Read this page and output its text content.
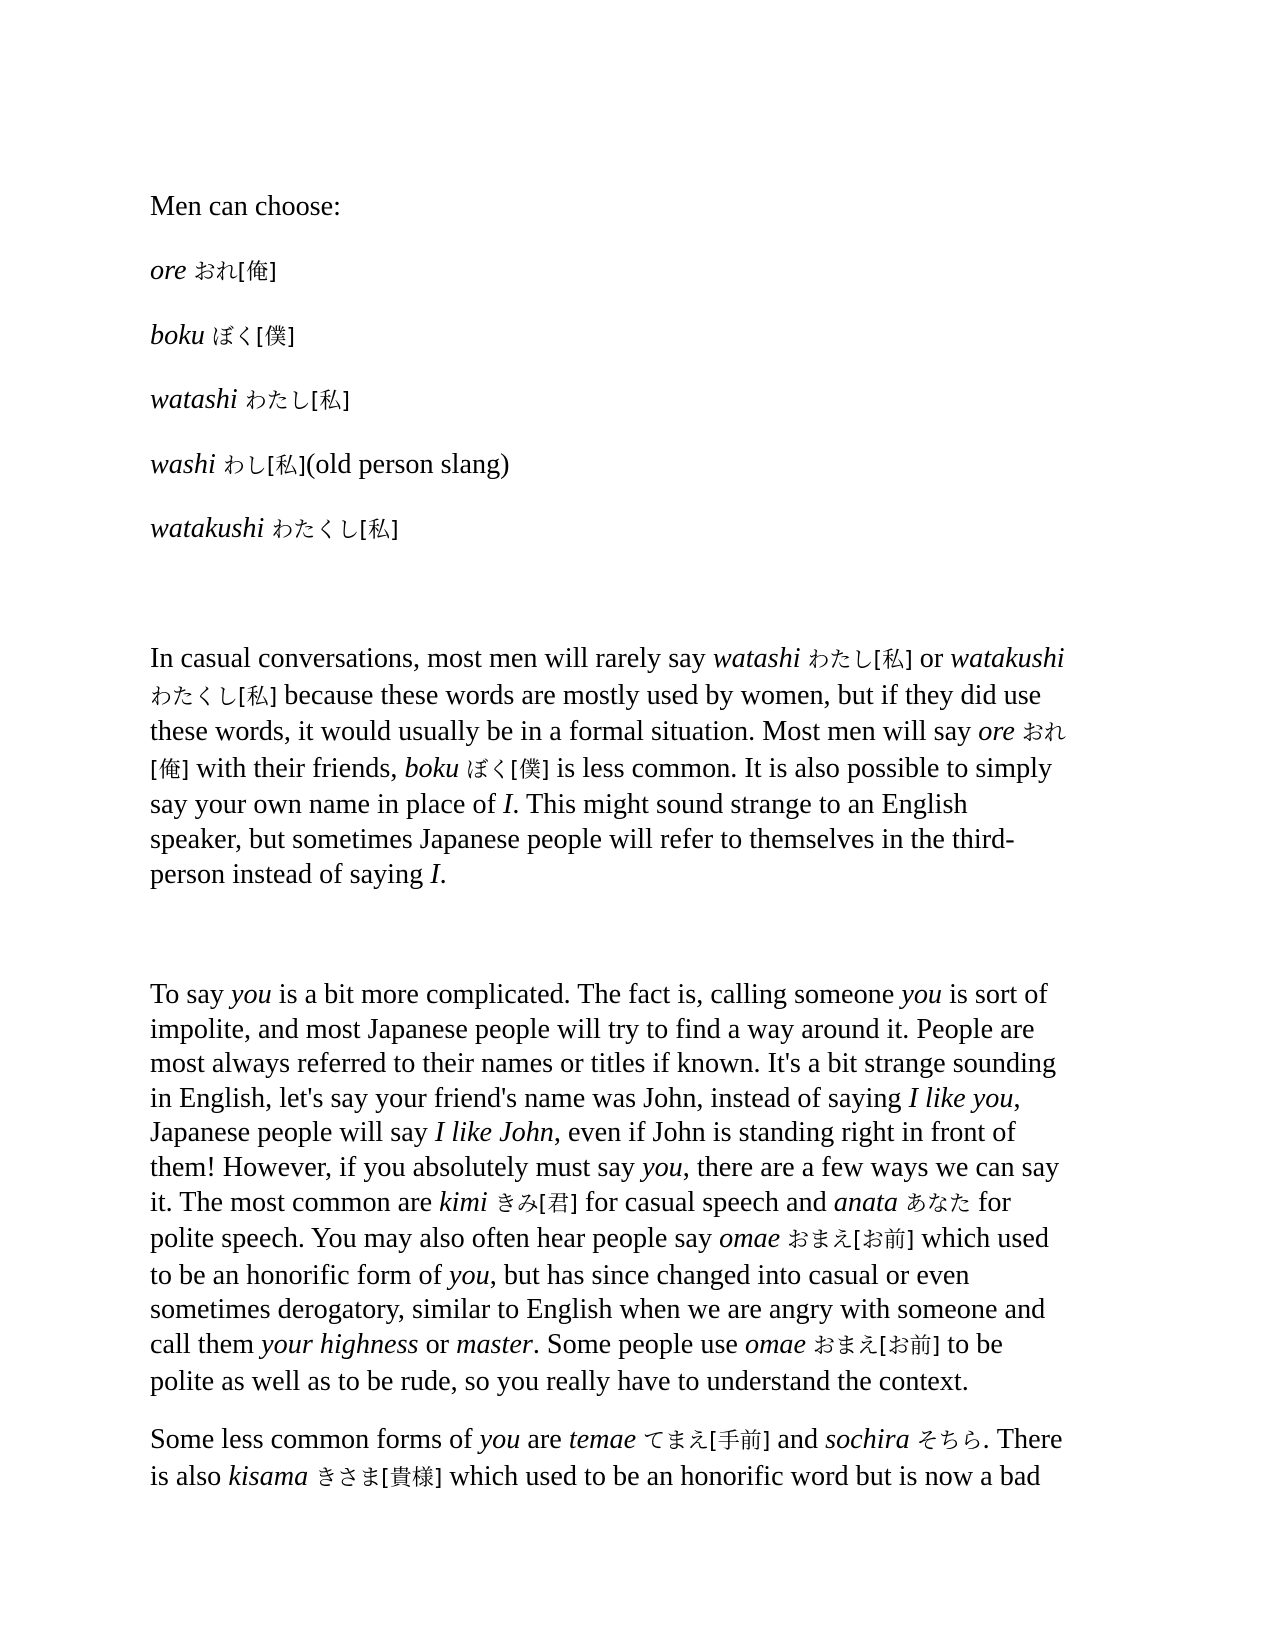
Men can choose:
ore おれ[俺]
boku ぼく[僕]
watashi わたし[私]
washi わし[私](old person slang)
watakushi わたくし[私]
In casual conversations, most men will rarely say watashi わたし[私] or watakushi
わたくし[私] because these words are mostly used by women, but if they did use
these words, it would usually be in a formal situation. Most men will say ore おれ
[俺] with their friends, boku ぼく[僕] is less common. It is also possible to simply
say your own name in place of I. This might sound strange to an English
speaker, but sometimes Japanese people will refer to themselves in the third-
person instead of saying I.
To say you is a bit more complicated. The fact is, calling someone you is sort of
impolite, and most Japanese people will try to find a way around it. People are
most always referred to their names or titles if known. It's a bit strange sounding
in English, let's say your friend's name was John, instead of saying I like you,
Japanese people will say I like John, even if John is standing right in front of
them! However, if you absolutely must say you, there are a few ways we can say
it. The most common are kimi きみ[君] for casual speech and anata あなた for
polite speech. You may also often hear people say omae おまえ[お前] which used
to be an honorific form of you, but has since changed into casual or even
sometimes derogatory, similar to English when we are angry with someone and
call them your highness or master. Some people use omae おまえ[お前] to be
polite as well as to be rude, so you really have to understand the context.
Some less common forms of you are temae てまえ[手前] and sochira そちら. There
is also kisama きさま[貴様] which used to be an honorific word but is now a bad
